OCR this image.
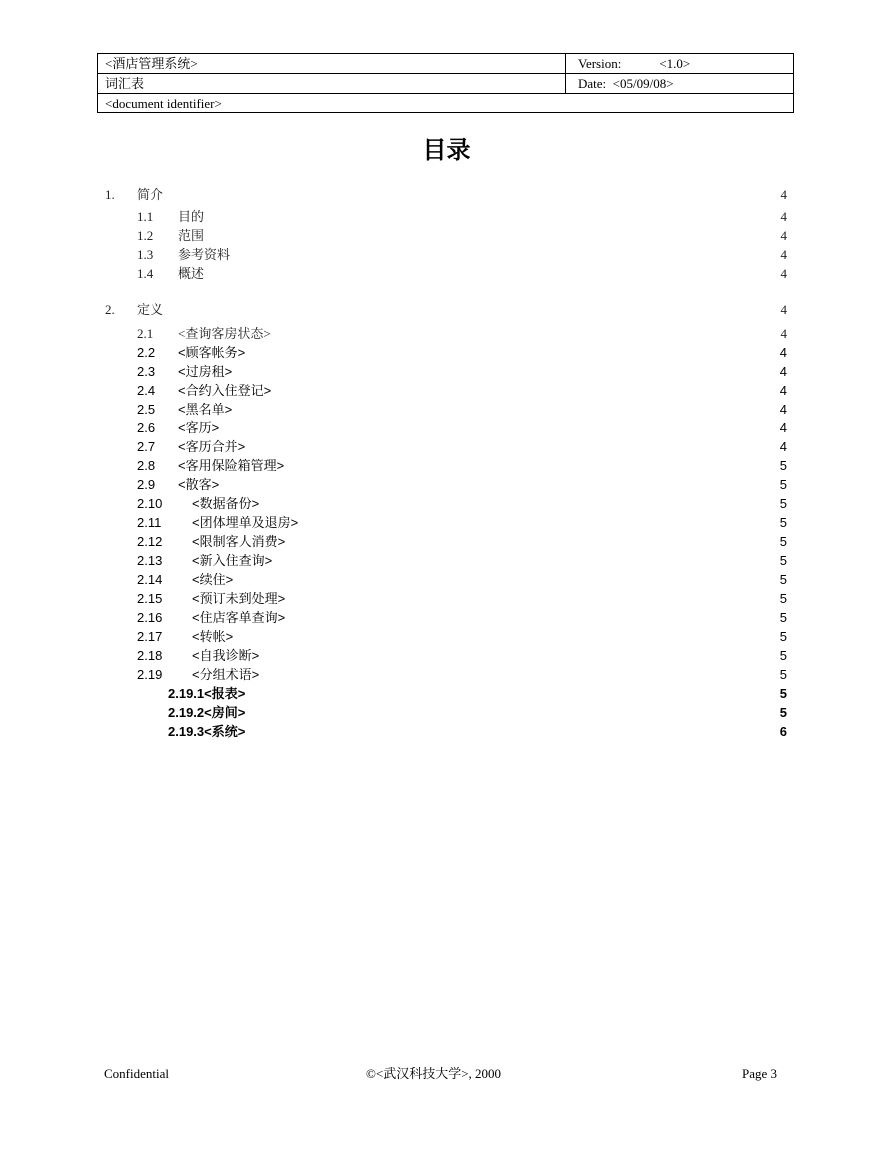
<酒店管理系统>	Version:	<1.0>
词汇表	Date: <05/09/08>
<document identifier>
目录
1. 简介	4
1.1 目的	4
1.2 范围	4
1.3 参考资料	4
1.4 概述	4
2. 定义	4
2.1 <查询客房状态>	4
2.2 <顾客帐务>	4
2.3 <过房租>	4
2.4 <合约入住登记>	4
2.5 <黑名单>	4
2.6 <客历>	4
2.7 <客历合并>	4
2.8 <客用保险箱管理>	5
2.9 <散客>	5
2.10 <数据备份>	5
2.11 <团体埋单及退房>	5
2.12 <限制客人消费>	5
2.13 <新入住查询>	5
2.14 <续住>	5
2.15 <预订未到处理>	5
2.16 <住店客单查询>	5
2.17 <转帐>	5
2.18 <自我诊断>	5
2.19 <分组术语>	5
2.19.1<报表>	5
2.19.2<房间>	5
2.19.3<系统>	6
Confidential	©<武汉科技大学>, 2000	Page 3
